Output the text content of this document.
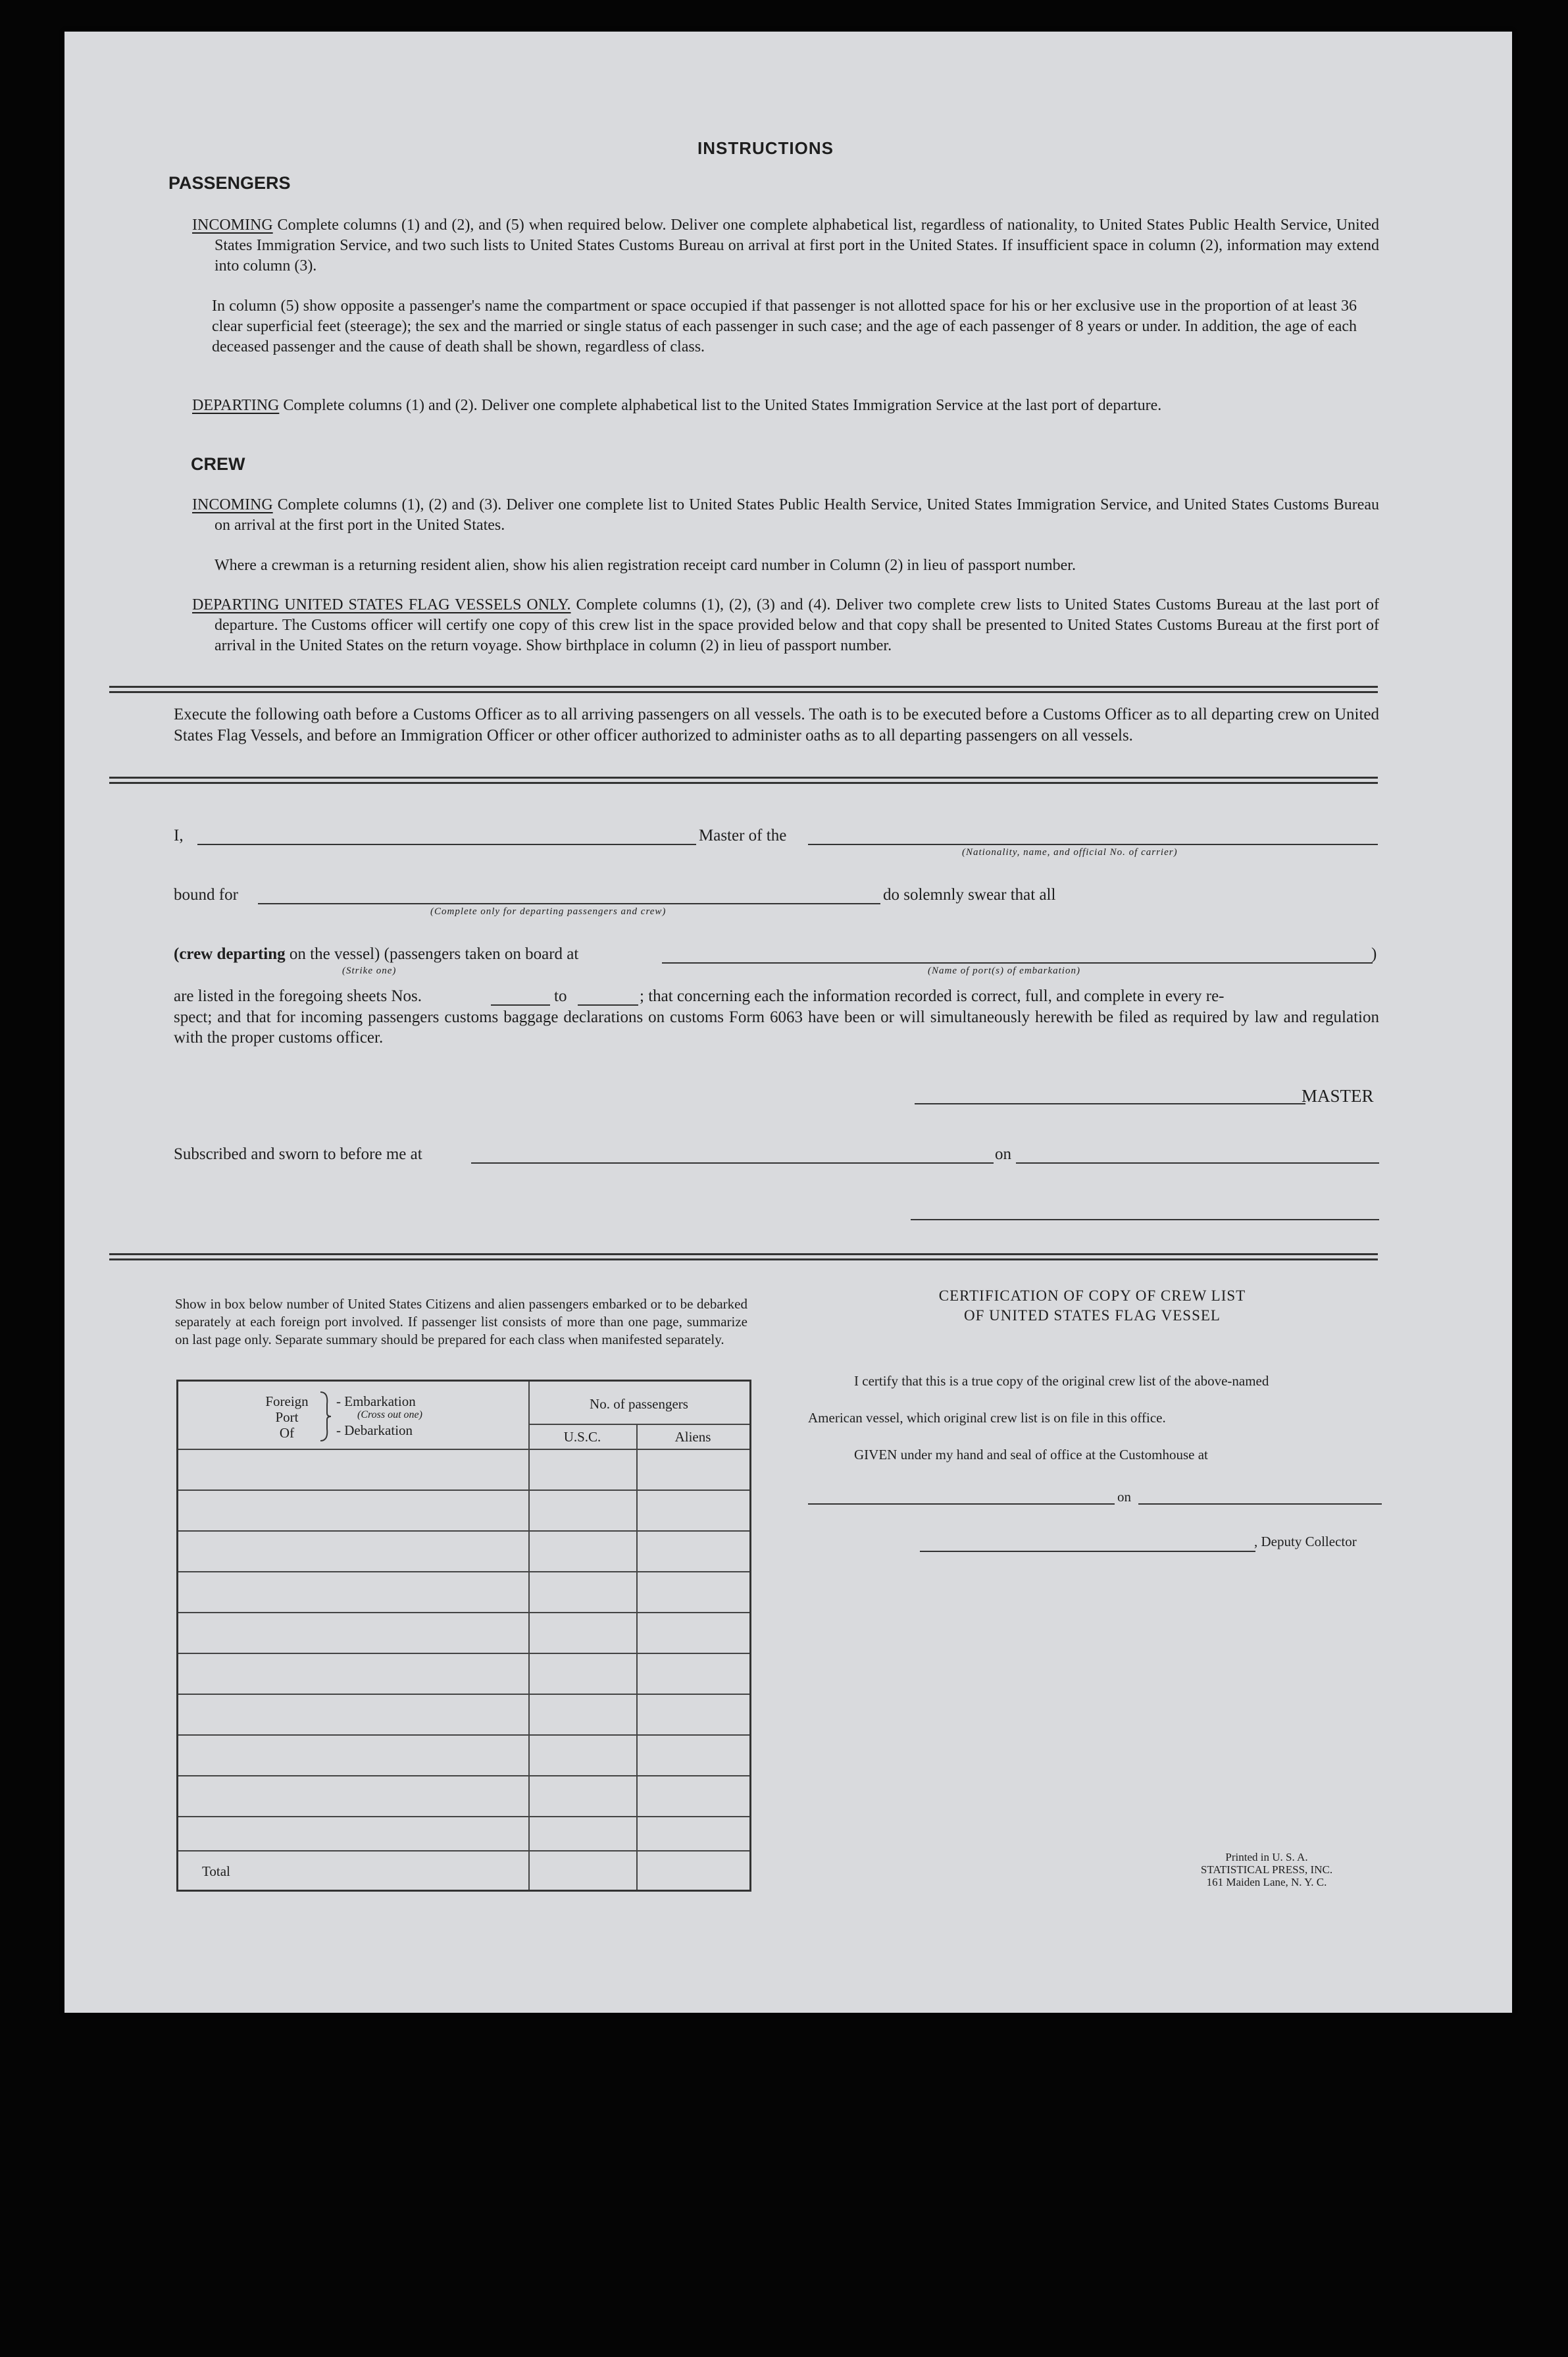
INSTRUCTIONS
PASSENGERS
INCOMING Complete columns (1) and (2), and (5) when required below. Deliver one complete alphabetical list, regardless of nationality, to United States Public Health Service, United States Immigration Service, and two such lists to United States Customs Bureau on arrival at first port in the United States. If insufficient space in column (2), information may extend into column (3).
In column (5) show opposite a passenger's name the compartment or space occupied if that passenger is not allotted space for his or her exclusive use in the proportion of at least 36 clear superficial feet (steerage); the sex and the married or single status of each passenger in such case; and the age of each passenger of 8 years or under. In addition, the age of each deceased passenger and the cause of death shall be shown, regardless of class.
DEPARTING Complete columns (1) and (2). Deliver one complete alphabetical list to the United States Immigration Service at the last port of departure.
CREW
INCOMING Complete columns (1), (2) and (3). Deliver one complete list to United States Public Health Service, United States Immigration Service, and United States Customs Bureau on arrival at the first port in the United States.
Where a crewman is a returning resident alien, show his alien registration receipt card number in Column (2) in lieu of passport number.
DEPARTING UNITED STATES FLAG VESSELS ONLY. Complete columns (1), (2), (3) and (4). Deliver two complete crew lists to United States Customs Bureau at the last port of departure. The Customs officer will certify one copy of this crew list in the space provided below and that copy shall be presented to United States Customs Bureau at the first port of arrival in the United States on the return voyage. Show birthplace in column (2) in lieu of passport number.
Execute the following oath before a Customs Officer as to all arriving passengers on all vessels. The oath is to be executed before a Customs Officer as to all departing crew on United States Flag Vessels, and before an Immigration Officer or other officer authorized to administer oaths as to all departing passengers on all vessels.
I,	Master of the
(Nationality, name, and official No. of carrier)
bound for
(Complete only for departing passengers and crew)
do solemnly swear that all
(crew departing on the vessel) (passengers taken on board at
(Strike one)
)
(Name of port(s) of embarkation)
are listed in the foregoing sheets Nos.	to	; that concerning each the information recorded is correct, full, and complete in every re-
spect; and that for incoming passengers customs baggage declarations on customs Form 6063 have been or will simultaneously herewith be filed as required by law and regulation with the proper customs officer.
MASTER
Subscribed and sworn to before me at	on
Show in box below number of United States Citizens and alien passengers embarked or to be debarked separately at each foreign port involved. If passenger list consists of more than one page, summarize on last page only. Separate summary should be prepared for each class when manifested separately.
Foreign
Port
Of
- Embarkation
(Cross out one)
- Debarkation
No. of passengers
U.S.C.	Aliens
Total
CERTIFICATION OF COPY OF CREW LIST
OF UNITED STATES FLAG VESSEL
I certify that this is a true copy of the original crew list of the above-named
American vessel, which original crew list is on file in this office.
GIVEN under my hand and seal of office at the Customhouse at
on
, Deputy Collector
Printed in U. S. A.
STATISTICAL PRESS, INC.
161 Maiden Lane, N. Y. C.
